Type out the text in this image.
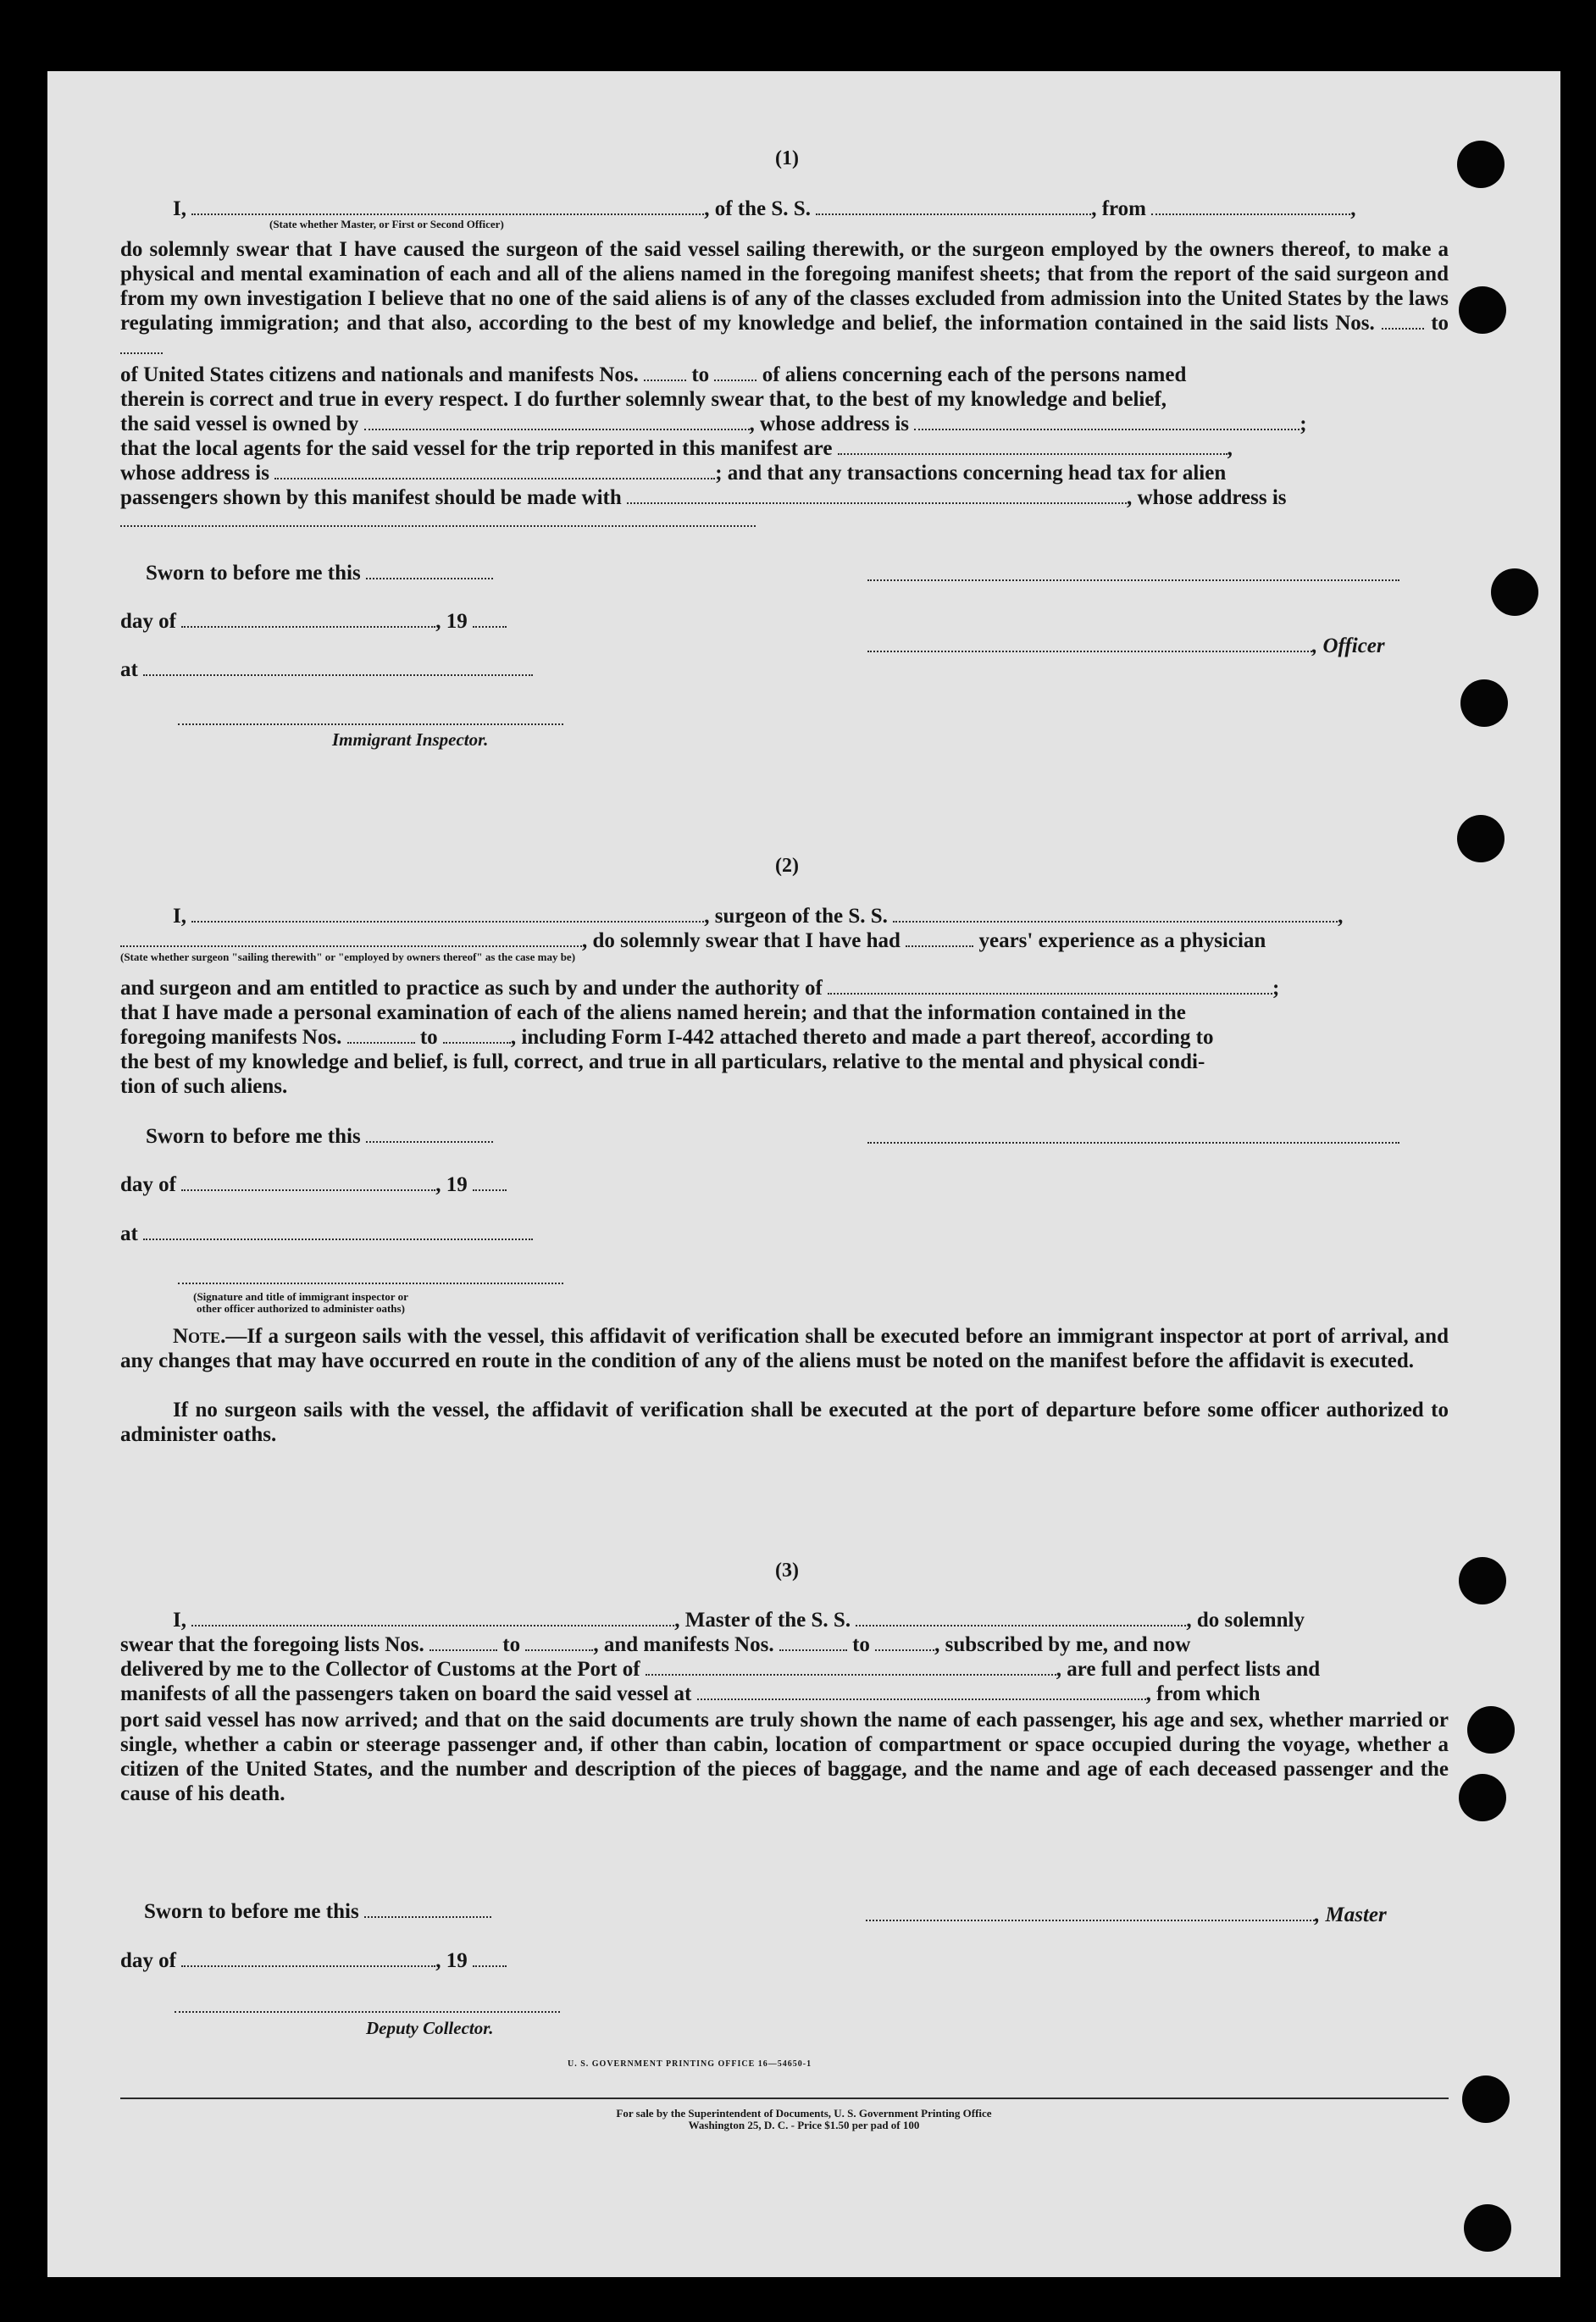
(1)
I,	, of the S. S.	, from	,
(State whether Master, or First or Second Officer)
do solemnly swear that I have caused the surgeon of the said vessel sailing therewith, or the surgeon employed by the owners thereof, to make a physical and mental examination of each and all of the aliens named in the foregoing manifest sheets; that from the report of the said surgeon and from my own investigation I believe that no one of the said aliens is of any of the classes excluded from admission into the United States by the laws regulating immigration; and that also, according to the best of my knowledge and belief, the information contained in the said lists Nos.	to
of United States citizens and nationals and manifests Nos.	to	of aliens concerning each of the persons named
therein is correct and true in every respect. I do further solemnly swear that, to the best of my knowledge and belief,
the said vessel is owned by	, whose address is	;
that the local agents for the said vessel for the trip reported in this manifest are	,
whose address is	; and that any transactions concerning head tax for alien
passengers shown by this manifest should be made with	, whose address is
Sworn to before me this
day of	, 19
, Officer
at
Immigrant Inspector.
(2)
I,	, surgeon of the S. S.	,
, do solemnly swear that I have had	years' experience as a physician
(State whether surgeon "sailing therewith" or "employed by owners thereof" as the case may be)
and surgeon and am entitled to practice as such by and under the authority of	;
that I have made a personal examination of each of the aliens named herein; and that the information contained in the
foregoing manifests Nos.	to	, including Form I-442 attached thereto and made a part thereof, according to
the best of my knowledge and belief, is full, correct, and true in all particulars, relative to the mental and physical condi-
tion of such aliens.
Sworn to before me this
day of	, 19
at
(Signature and title of immigrant inspector or other officer authorized to administer oaths)
Note.—If a surgeon sails with the vessel, this affidavit of verification shall be executed before an immigrant inspector at port of arrival, and any changes that may have occurred en route in the condition of any of the aliens must be noted on the manifest before the affidavit is executed.
If no surgeon sails with the vessel, the affidavit of verification shall be executed at the port of departure before some officer authorized to administer oaths.
(3)
I,	, Master of the S. S.	, do solemnly
swear that the foregoing lists Nos.	to	, and manifests Nos.	to	, subscribed by me, and now
delivered by me to the Collector of Customs at the Port of	, are full and perfect lists and
manifests of all the passengers taken on board the said vessel at	, from which
port said vessel has now arrived; and that on the said documents are truly shown the name of each passenger, his age and sex, whether married or single, whether a cabin or steerage passenger and, if other than cabin, location of compartment or space occupied during the voyage, whether a citizen of the United States, and the number and description of the pieces of baggage, and the name and age of each deceased passenger and the cause of his death.
Sworn to before me this	, Master
day of	, 19
Deputy Collector.
U. S. GOVERNMENT PRINTING OFFICE 16—54650-1
For sale by the Superintendent of Documents, U. S. Government Printing Office
Washington 25, D. C. - Price $1.50 per pad of 100
